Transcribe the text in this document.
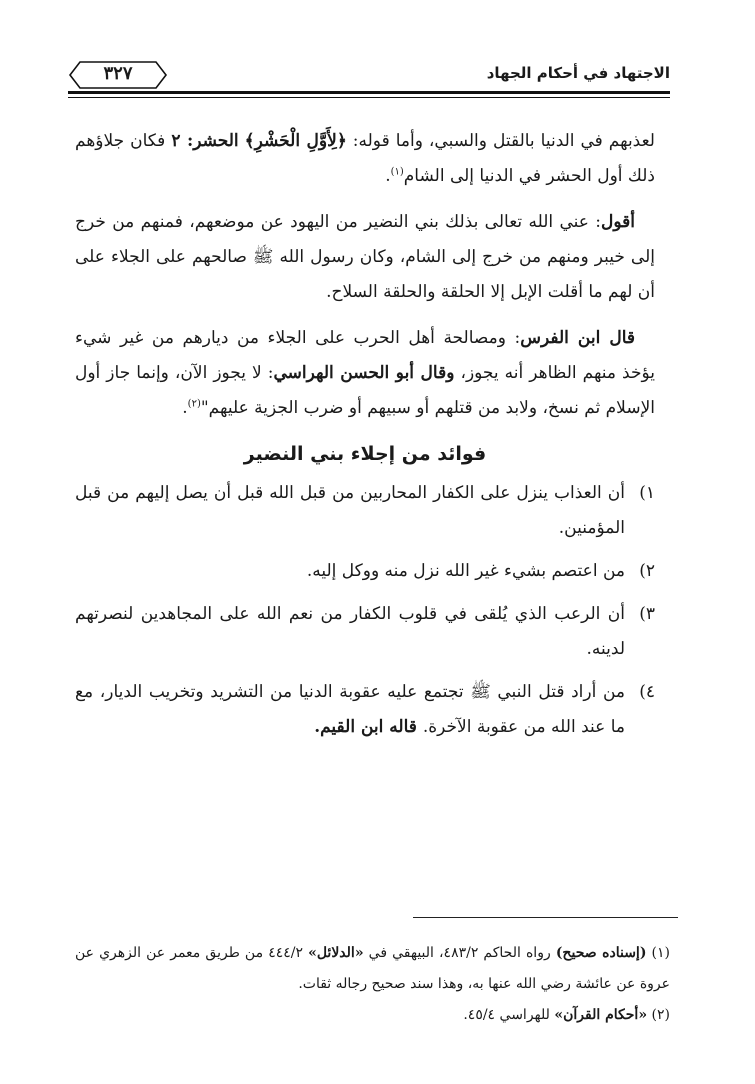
٣٢٧	الاجتهاد في أحكام الجهاد

لعذبهم في الدنيا بالقتل والسبي، وأما قوله: ﴿لِأَوَّلِ الْحَشْرِ﴾ الحشر: ٢ فكان جلاؤهم ذلك أول الحشر في الدنيا إلى الشام$^{(١)}$.

أقول: عني الله تعالى بذلك بني النضير من اليهود عن موضعهم، فمنهم من خرج إلى خيبر ومنهم من خرج إلى الشام، وكان رسول الله ﷺ صالحهم على الجلاء على أن لهم ما أقلت الإبل إلا الحلقة والحلقة السلاح.

قال ابن الفرس: ومصالحة أهل الحرب على الجلاء من ديارهم من غير شيء يؤخذ منهم الظاهر أنه يجوز، وقال أبو الحسن الهراسي: لا يجوز الآن، وإنما جاز أول الإسلام ثم نسخ، ولابد من قتلهم أو سبيهم أو ضرب الجزية عليهم"$^{(٢)}$.

فوائد من إجلاء بني النضير
١)
أن العذاب ينزل على الكفار المحاربين من قبل الله قبل أن يصل إليهم من قبل المؤمنين.
٢)
من اعتصم بشيء غير الله نزل منه ووكل إليه.
٣)
أن الرعب الذي يُلقى في قلوب الكفار من نعم الله على المجاهدين لنصرتهم لدينه.
٤)
من أراد قتل النبي ﷺ تجتمع عليه عقوبة الدنيا من التشريد وتخريب الديار، مع ما عند الله من عقوبة الآخرة. قاله ابن القيم.

(١) (إسناده صحيح) رواه الحاكم ٤٨٣/٢، البيهقي في «الدلائل» ٤٤٤/٢ من طريق معمر عن الزهري عن عروة عن عائشة رضي الله عنها به، وهذا سند صحيح رجاله ثقات.

(٢) «أحكام القرآن» للهراسي ٤٥/٤.
